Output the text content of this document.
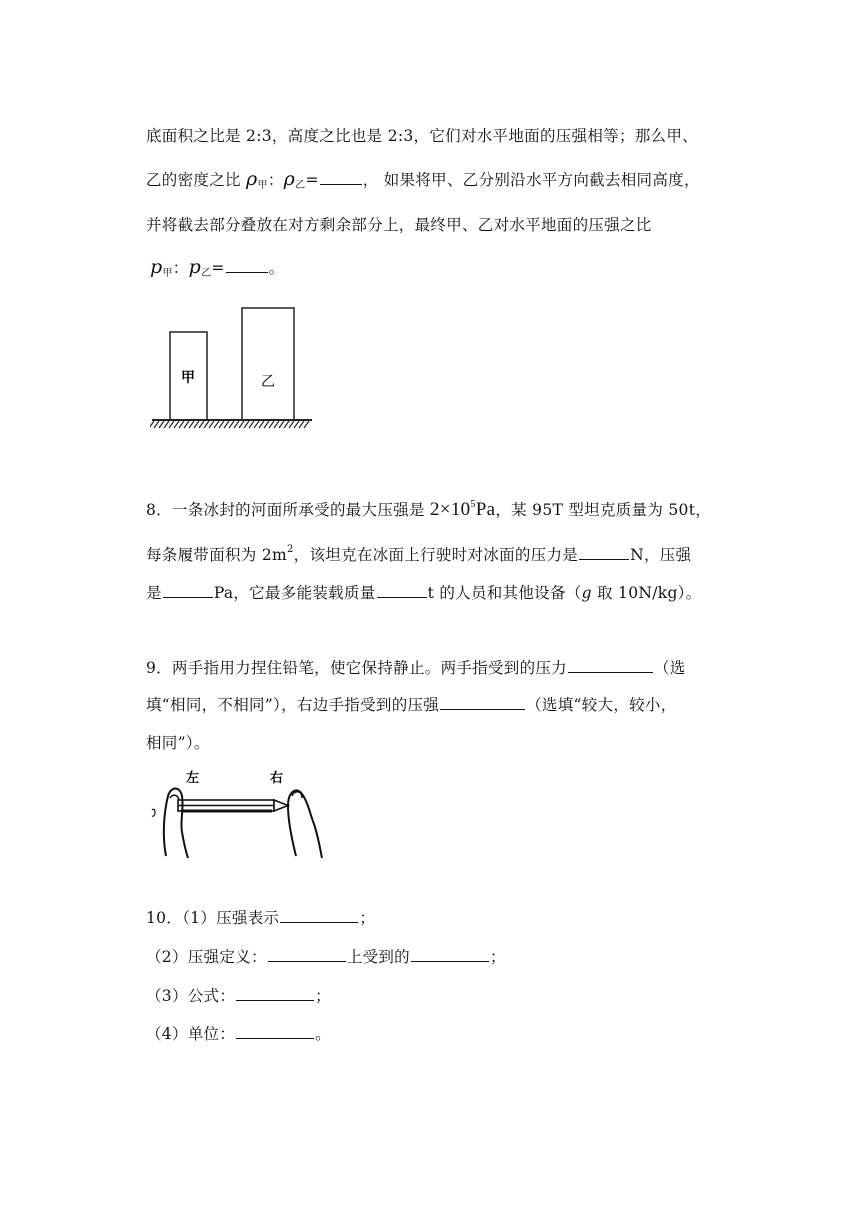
底面积之比是 2:3，高度之比也是 2:3，它们对水平地面的压强相等；那么甲、
乙的密度之比 $\rho_甲$：$\rho_乙=$	， 如果将甲、乙分别沿水平方向截去相同高度，
并将截去部分叠放在对方剩余部分上，最终甲、乙对水平地面的压强之比
$p_甲$：$p_乙=$	。
甲	乙
8．一条冰封的河面所承受的最大压强是 $2\times 10^5Pa$，某 95T 型坦克质量为 50t，
每条履带面积为 $2m^2$，该坦克在冰面上行驶时对冰面的压力是	N，压强
是	Pa，它最多能装载质量	t 的人员和其他设备（g 取 10N/kg）。
9．两手指用力捏住铅笔，使它保持静止。两手指受到的压力	（选
填“相同，不相同”），右边手指受到的压强	（选填“较大，较小，
相同”）。
左	右
10．（1）压强表示	；
（2）压强定义：	上受到的	；
（3）公式：	；
（4）单位：	。
